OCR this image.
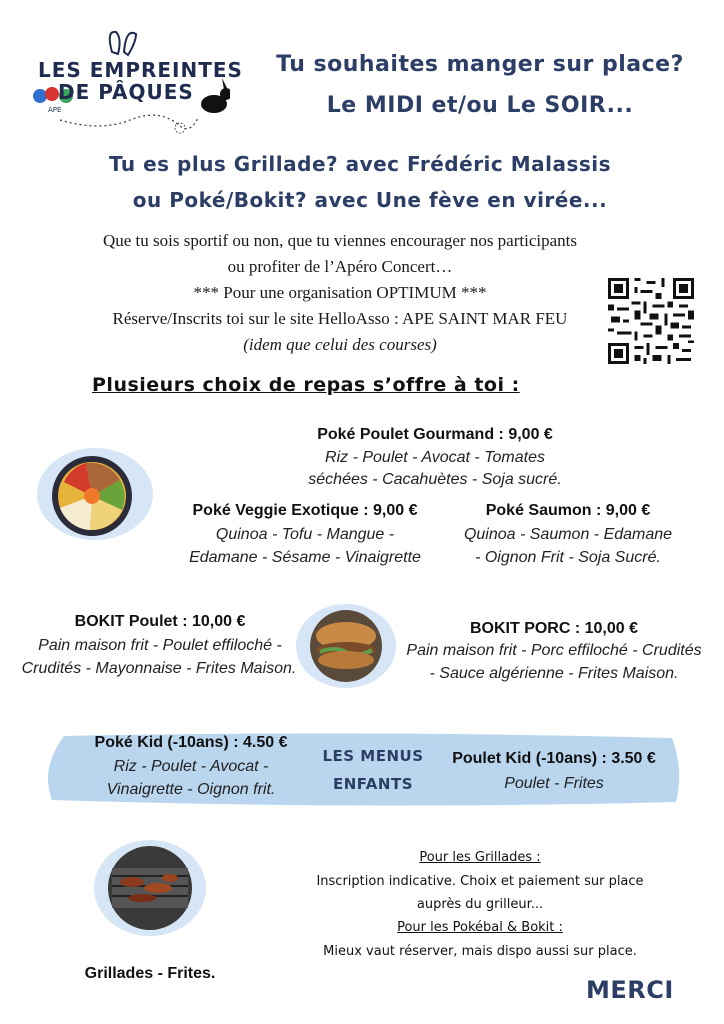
LES EMPREINTES
DE PÂQUES
APE
Tu souhaites manger sur place?
Le MIDI et/ou Le SOIR...
Tu es plus Grillade? avec Frédéric Malassis
ou Poké/Bokit? avec Une fève en virée...
Que tu sois sportif ou non, que tu viennes encourager nos participants
ou profiter de l’Apéro Concert…
*** Pour une organisation OPTIMUM ***
Réserve/Inscrits toi sur le site HelloAsso : APE SAINT MAR FEU
(idem que celui des courses)
Plusieurs choix de repas s’offre à toi :
Poké Poulet Gourmand : 9,00 €
Riz - Poulet - Avocat - Tomates
séchées - Cacahuètes - Soja sucré.
Poké Veggie Exotique : 9,00 €
Quinoa - Tofu - Mangue -
Edamane - Sésame - Vinaigrette
Poké Saumon : 9,00 €
Quinoa - Saumon - Edamane
- Oignon Frit - Soja Sucré.
BOKIT Poulet : 10,00 €
Pain maison frit - Poulet effiloché -
Crudités - Mayonnaise - Frites Maison.
BOKIT PORC : 10,00 €
Pain maison frit - Porc effiloché - Crudités
- Sauce algérienne - Frites Maison.
Poké Kid (-10ans) : 4.50 €
Riz - Poulet - Avocat -
Vinaigrette - Oignon frit.
LES MENUS
ENFANTS
Poulet Kid (-10ans) : 3.50 €
Poulet - Frites
Grillades - Frites.
Pour les Grillades :
Inscription indicative. Choix et paiement sur place
auprès du grilleur...
Pour les Pokébal & Bokit :
Mieux vaut réserver, mais dispo aussi sur place.
MERCI
